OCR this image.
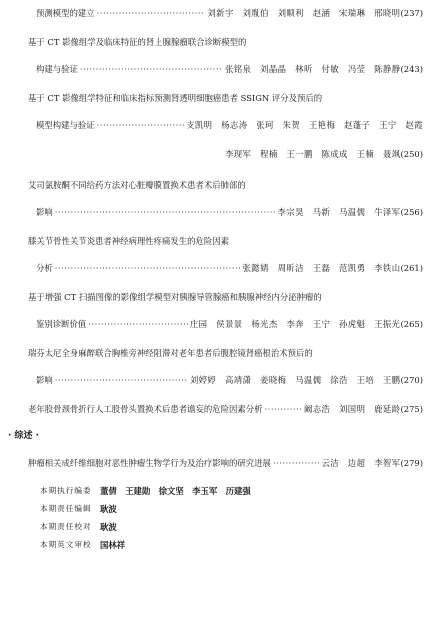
预测模型的建立 ·····	刘新宇　刘胤伯　刘顺利　赵涵　宋瑞琳　邢晓明 (237)
基于 CT 影像组学及临床特征的肾上腺腺瘤联合诊断模型的
构建与验证 ·····	张铭泉　刘晶晶　林昕　付敏　冯莹　陈静静 (243)
基于 CT 影像组学特征和临床指标预测肾透明细胞癌患者 SSIGN 评分及预后的
模型构建与验证 ·····	支凯明　杨志涛　张珂　朱贺　王艳梅　赵蓬子　王宁　赵霞
李现军　程楠　王一鹏　陈成成　王楠　聂飒 (250)
艾司氯胺酮不同给药方法对心脏瓣膜置换术患者术后肺部的
影响 ·····	李宗昊　马新　马温儒　牛泽军 (256)
膝关节骨性关节炎患者神经病理性疼痛发生的危险因素
分析 ·····	张懿婧　周昕洁　王磊　范凯勇　李铁山 (261)
基于增强 CT 扫描图像的影像组学模型对胰腺导管腺癌和胰腺神经内分泌肿瘤的
鉴别诊断价值 ·····	庄园　侯景景　杨光杰　李奔　王宁　孙虎魁　王振光 (265)
瑞芬太尼全身麻醉联合胸椎旁神经阻滞对老年患者后腹腔镜肾癌根治术预后的
影响 ·····	刘婷婷　高靖潇　姜晓梅　马温儒　徐浩　王培　王鹏 (270)
老年股骨颈骨折行人工股骨头置换术后患者谵妄的危险因素分析 ·····	阚志浩　刘国明　鹿延龄 (275)
· 综述 ·
肿瘤相关成纤维细胞对恶性肿瘤生物学行为及治疗影响的研究进展 ·····	云洁　边超　李智军 (279)
本期执行编委 董倩　王建勋　徐文坚　李玉军　历建强
本期责任编辑 耿波
本期责任校对 耿波
本期英文审校 国林祥
